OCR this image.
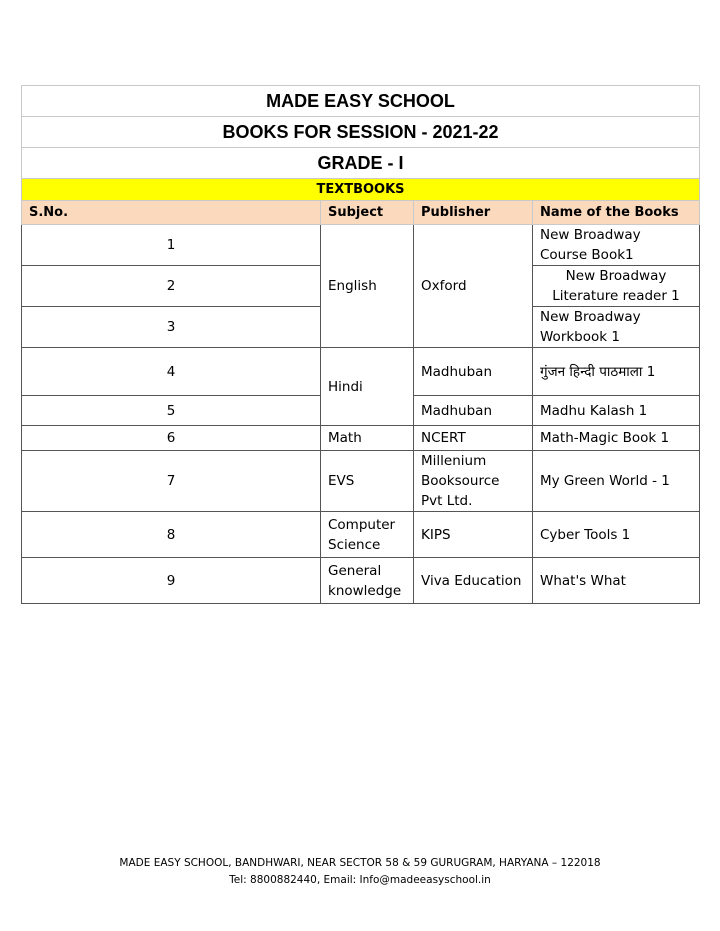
MADE EASY SCHOOL			
BOOKS FOR SESSION - 2021-22			
GRADE - I			
TEXTBOOKS			
S.No.	Subject	Publisher	Name of the Books
1	English	Oxford	New Broadway Course Book1
2			New Broadway Literature reader 1
3			New Broadway Workbook 1
4	Hindi	Madhuban	गुंजन हिन्दी पाठमाला 1
5		Madhuban	Madhu Kalash 1
6	Math	NCERT	Math-Magic Book 1
7	EVS	Millenium Booksource Pvt Ltd.	My Green World - 1
8	Computer Science	KIPS	Cyber Tools 1
9	General knowledge	Viva Education	What's What
MADE EASY SCHOOL, BANDHWARI, NEAR SECTOR 58 & 59 GURUGRAM, HARYANA – 122018
Tel: 8800882440, Email: Info@madeeasyschool.in
